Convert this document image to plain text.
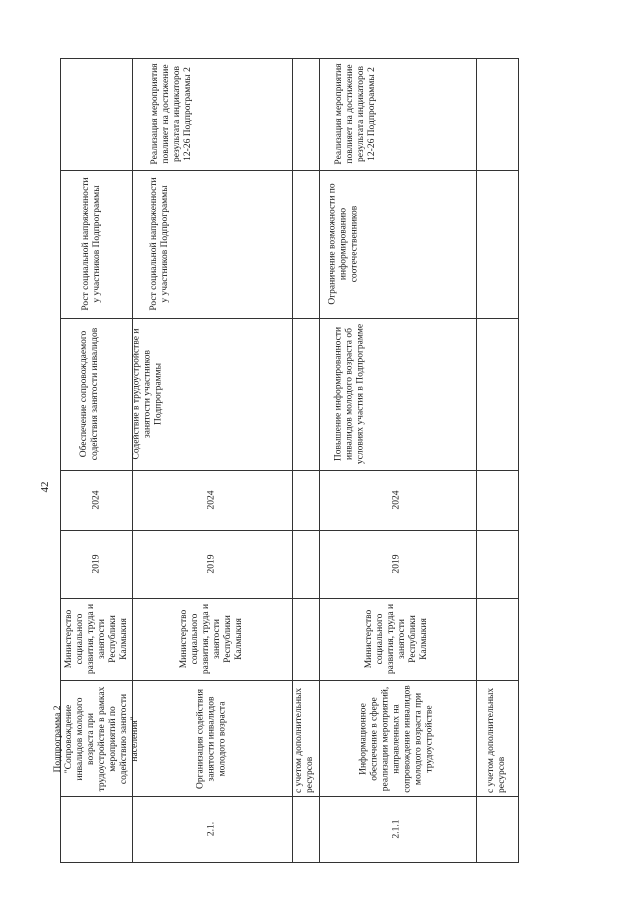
42
Подпрограмма 2 "Сопровождение инвалидов молодого возраста при трудоустройстве в рамках мероприятий по содействию занятости населения"
Министерство социального развития, труда и занятости Республики Калмыкия
2019
2024
Обеспечение сопровождаемого содействия занятости инвалидов
Рост социальной напряженности у участников Подпрограммы
2.1.
Организация содействия занятости инвалидов молодого возраста
Министерство социального развития, труда и занятости Республики Калмыкия
2019
2024
Содействие в трудоустройстве и занятости участников Подпрограммы
Рост социальной напряженности у участников Подпрограммы
Реализация мероприятия повлияет на достижение результата индикаторов 12-26 Подпрограммы 2
с учетом дополнительных ресурсов
2.1.1
Информационное обеспечение в сфере реализации мероприятий, направленных на сопровождение инвалидов молодого возраста при трудоустройстве
Министерство социального развития, труда и занятости Республики Калмыкия
2019
2024
Повышение информированности инвалидов молодого возраста об условиях участия в Подпрограмме
Ограничение возможности по информированию соотечественников
Реализация мероприятия повлияет на достижение результата индикаторов 12-26 Подпрограммы 2
с учетом дополнительных ресурсов
